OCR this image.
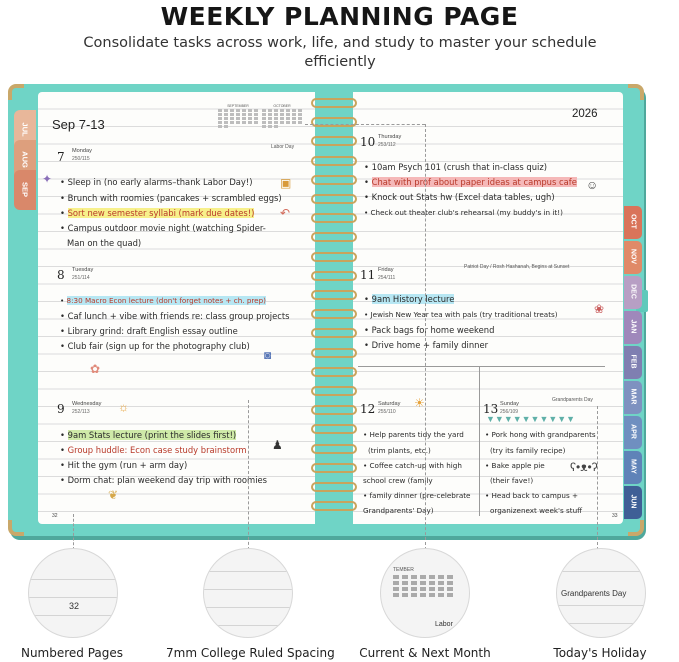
WEEKLY PLANNING PAGE
Consolidate tasks across work, life, and study to master your schedule efficiently
JUL
AUG
SEP
OCT
NOV
DEC
JAN
FEB
MAR
APR
MAY
JUN
Sep 7-13
SEPTEMBER	OCTOBER
7 Monday
250/115
Labor Day
• Sleep in (no early alarms–thank Labor Day!)
• Brunch with roomies (pancakes + scrambled eggs)
• Sort new semester syllabi (mark due dates!)
• Campus outdoor movie night (watching Spider-
Man on the quad)
8 Tuesday
251/114
• 8:30 Macro Econ lecture (don't forget notes + ch. prep)
• Caf lunch + vibe with friends re: class group projects
• Library grind: draft English essay outline
• Club fair (sign up for the photography club)
9 Wednesday
252/113
• 9am Stats lecture (print the slides first!)
• Group huddle: Econ case study brainstorm
• Hit the gym (run + arm day)
• Dorm chat: plan weekend day trip with roomies
32
✦	▣
↶
◙
✿
☼
♟
❦
2026
10 Thursday
253/112
• 10am Psych 101 (crush that in-class quiz)
• Chat with prof about paper ideas at campus cafe
• Knock out Stats hw (Excel data tables, ugh)
• Check out theater club's rehearsal (my buddy's in it!)
☺
11 Friday
254/111
Patriot Day / Rosh Hashanah, Begins at Sunset
• 9am History lecture
• Jewish New Year tea with pals (try traditional treats)
• Pack bags for home weekend
• Drive home + family dinner
❀
12 Saturday
255/110
☀
• Help parents tidy the yard
(trim plants, etc.)
• Coffee catch-up with high
school crew (family
• family dinner (pre-celebrate
Grandparents' Day)
13 Sunday
256/109
Grandparents Day
▼▼▼▼▼▼▼▼▼▼
• Pork hong with grandparents
(try its family recipe)
• Bake apple pie
(their fave!)
• Head back to campus +
organizenext week's stuff
ʕ•ᴥ•ʔ
33
32
TEMBER
Labor
Grandparents Day
Numbered Pages	7mm College Ruled Spacing	Current & Next Month	Today's Holiday
